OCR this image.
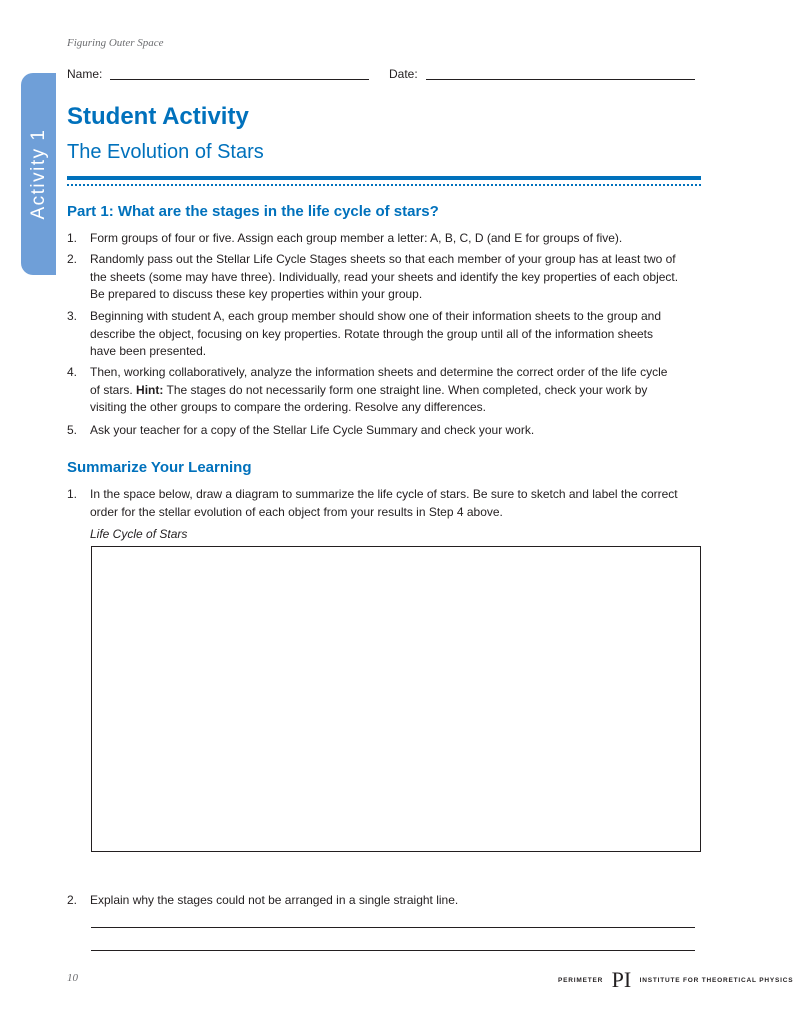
Figuring Outer Space
Activity 1
Name:	Date:
Student Activity
The Evolution of Stars
Part 1: What are the stages in the life cycle of stars?
1. Form groups of four or five. Assign each group member a letter: A, B, C, D (and E for groups of five).
2. Randomly pass out the Stellar Life Cycle Stages sheets so that each member of your group has at least two of the sheets (some may have three). Individually, read your sheets and identify the key properties of each object. Be prepared to discuss these key properties within your group.
3. Beginning with student A, each group member should show one of their information sheets to the group and describe the object, focusing on key properties. Rotate through the group until all of the information sheets have been presented.
4. Then, working collaboratively, analyze the information sheets and determine the correct order of the life cycle of stars. Hint: The stages do not necessarily form one straight line. When completed, check your work by visiting the other groups to compare the ordering. Resolve any differences.
5. Ask your teacher for a copy of the Stellar Life Cycle Summary and check your work.
Summarize Your Learning
1. In the space below, draw a diagram to summarize the life cycle of stars. Be sure to sketch and label the correct order for the stellar evolution of each object from your results in Step 4 above.
Life Cycle of Stars
2. Explain why the stages could not be arranged in a single straight line.
10	PERIMETER PI INSTITUTE FOR THEORETICAL PHYSICS
